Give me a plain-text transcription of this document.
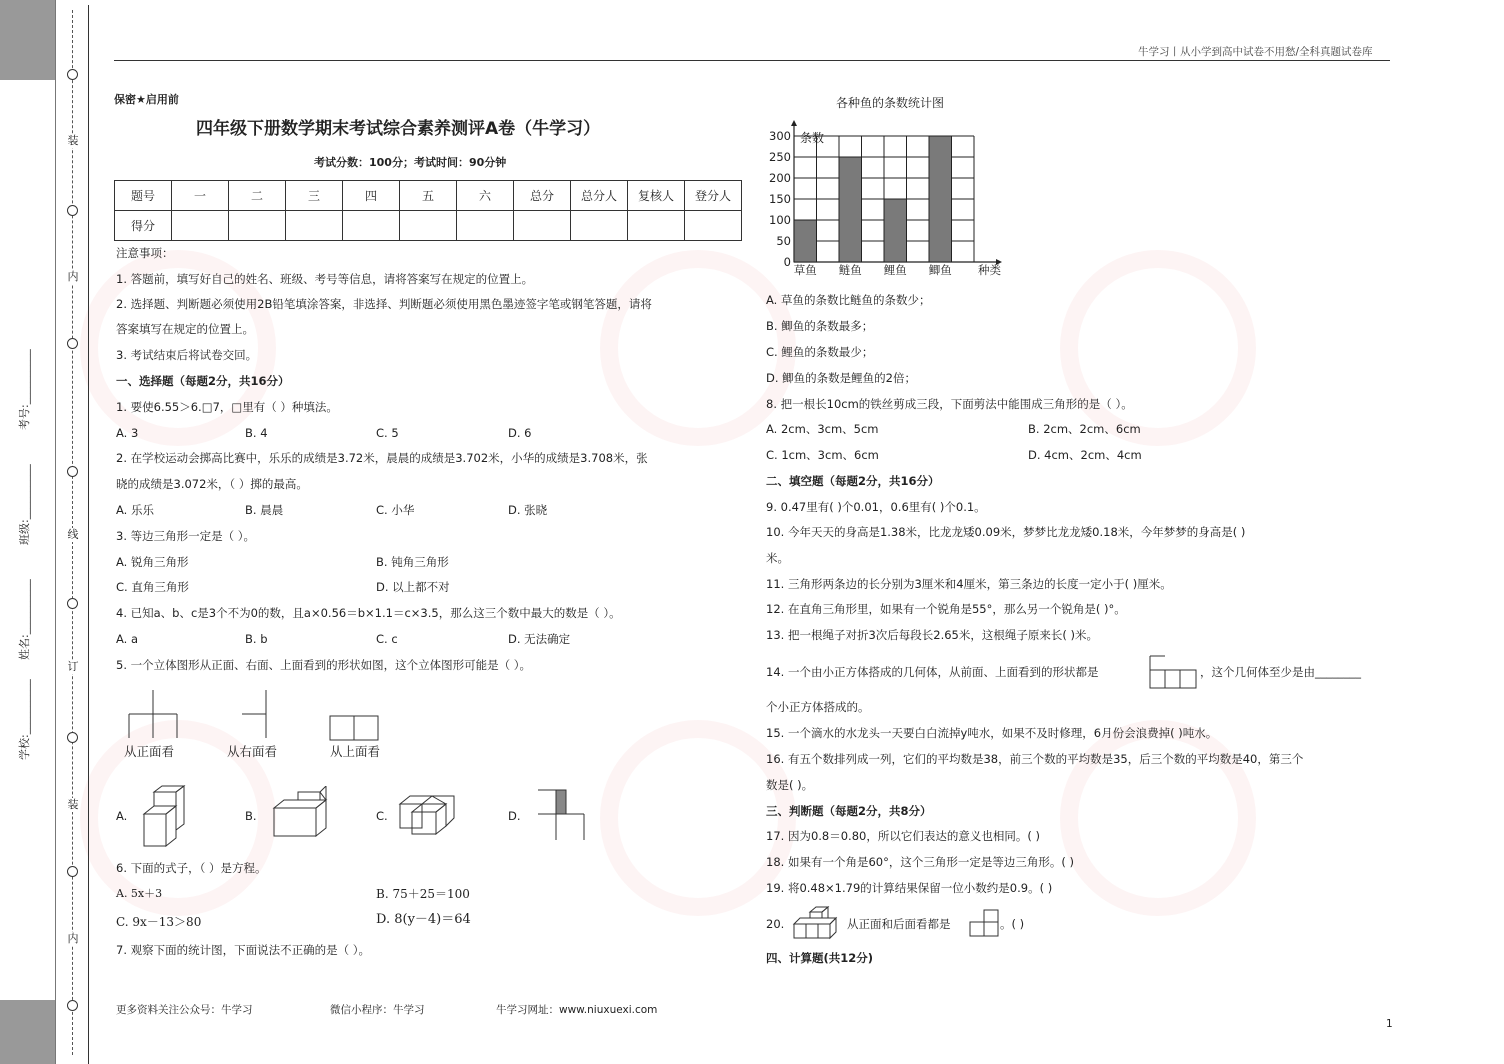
装
内
线
订
装
内
学校:__________
姓名:__________
班级:__________
考号:__________
牛学习丨从小学到高中试卷不用愁/全科真题试卷库
保密★启用前
四年级下册数学期末考试综合素养测评A卷（牛学习）
考试分数：100分；考试时间：90分钟
题号	一	二	三	四	五	六	总分	总分人	复核人	登分人
得分										
注意事项：
1. 答题前，填写好自己的姓名、班级、考号等信息，请将答案写在规定的位置上。
2. 选择题、判断题必须使用2B铅笔填涂答案，非选择、判断题必须使用黑色墨迹签字笔或钢笔答题，请将
答案填写在规定的位置上。
3. 考试结束后将试卷交回。
一、选择题（每题2分，共16分）
1. 要使6.55＞6.□7，□里有（ ）种填法。
A. 3	B. 4	C. 5	D. 6
2. 在学校运动会掷高比赛中，乐乐的成绩是3.72米，晨晨的成绩是3.702米，小华的成绩是3.708米，张
晓的成绩是3.072米，（ ）掷的最高。
A. 乐乐	B. 晨晨	C. 小华	D. 张晓
3. 等边三角形一定是（ ）。
A. 锐角三角形	B. 钝角三角形
C. 直角三角形	D. 以上都不对
4. 已知a、b、c是3个不为0的数，且a×0.56＝b×1.1＝c×3.5，那么这三个数中最大的数是（ ）。
A. a	B. b	C. c	D. 无法确定
5. 一个立体图形从正面、右面、上面看到的形状如图，这个立体图形可能是（ ）。
从正面看	从右面看	从上面看
A.	B.	C.	D.
6. 下面的式子，（ ）是方程。
A. 5x＋3	B. 75＋25＝100
C. 9x－13＞80	D. 8(y－4)＝64
7. 观察下面的统计图，下面说法不正确的是（ ）。
各种鱼的条数统计图
0
50
100
150
200
250
300 条数
草鱼 鲢鱼 鲤鱼 鲫鱼 种类
A. 草鱼的条数比鲢鱼的条数少；
B. 鲫鱼的条数最多；
C. 鲤鱼的条数最少；
D. 鲫鱼的条数是鲤鱼的2倍；
8. 把一根长10cm的铁丝剪成三段，下面剪法中能围成三角形的是（ ）。
A. 2cm、3cm、5cm	B. 2cm、2cm、6cm
C. 1cm、3cm、6cm	D. 4cm、2cm、4cm
二、填空题（每题2分，共16分）
9. 0.47里有( )个0.01，0.6里有( )个0.1。
10. 今年天天的身高是1.38米，比龙龙矮0.09米，梦梦比龙龙矮0.18米，今年梦梦的身高是( )
米。
11. 三角形两条边的长分别为3厘米和4厘米，第三条边的长度一定小于( )厘米。
12. 在直角三角形里，如果有一个锐角是55°，那么另一个锐角是( )°。
13. 把一根绳子对折3次后每段长2.65米，这根绳子原来长( )米。
14. 一个由小正方体搭成的几何体，从前面、上面看到的形状都是	，这个几何体至少是由________
个小正方体搭成的。
15. 一个滴水的水龙头一天要白白流掉y吨水，如果不及时修理，6月份会浪费掉( )吨水。
16. 有五个数排列成一列，它们的平均数是38，前三个数的平均数是35，后三个数的平均数是40，第三个
数是( )。
三、判断题（每题2分，共8分）
17. 因为0.8＝0.80，所以它们表达的意义也相同。( )
18. 如果有一个角是60°，这个三角形一定是等边三角形。( )
19. 将0.48×1.79的计算结果保留一位小数约是0.9。( )
20.	从正面和后面看都是	。( )
四、计算题(共12分)
更多资料关注公众号：牛学习	微信小程序：牛学习	牛学习网址：www.niuxuexi.com
1
